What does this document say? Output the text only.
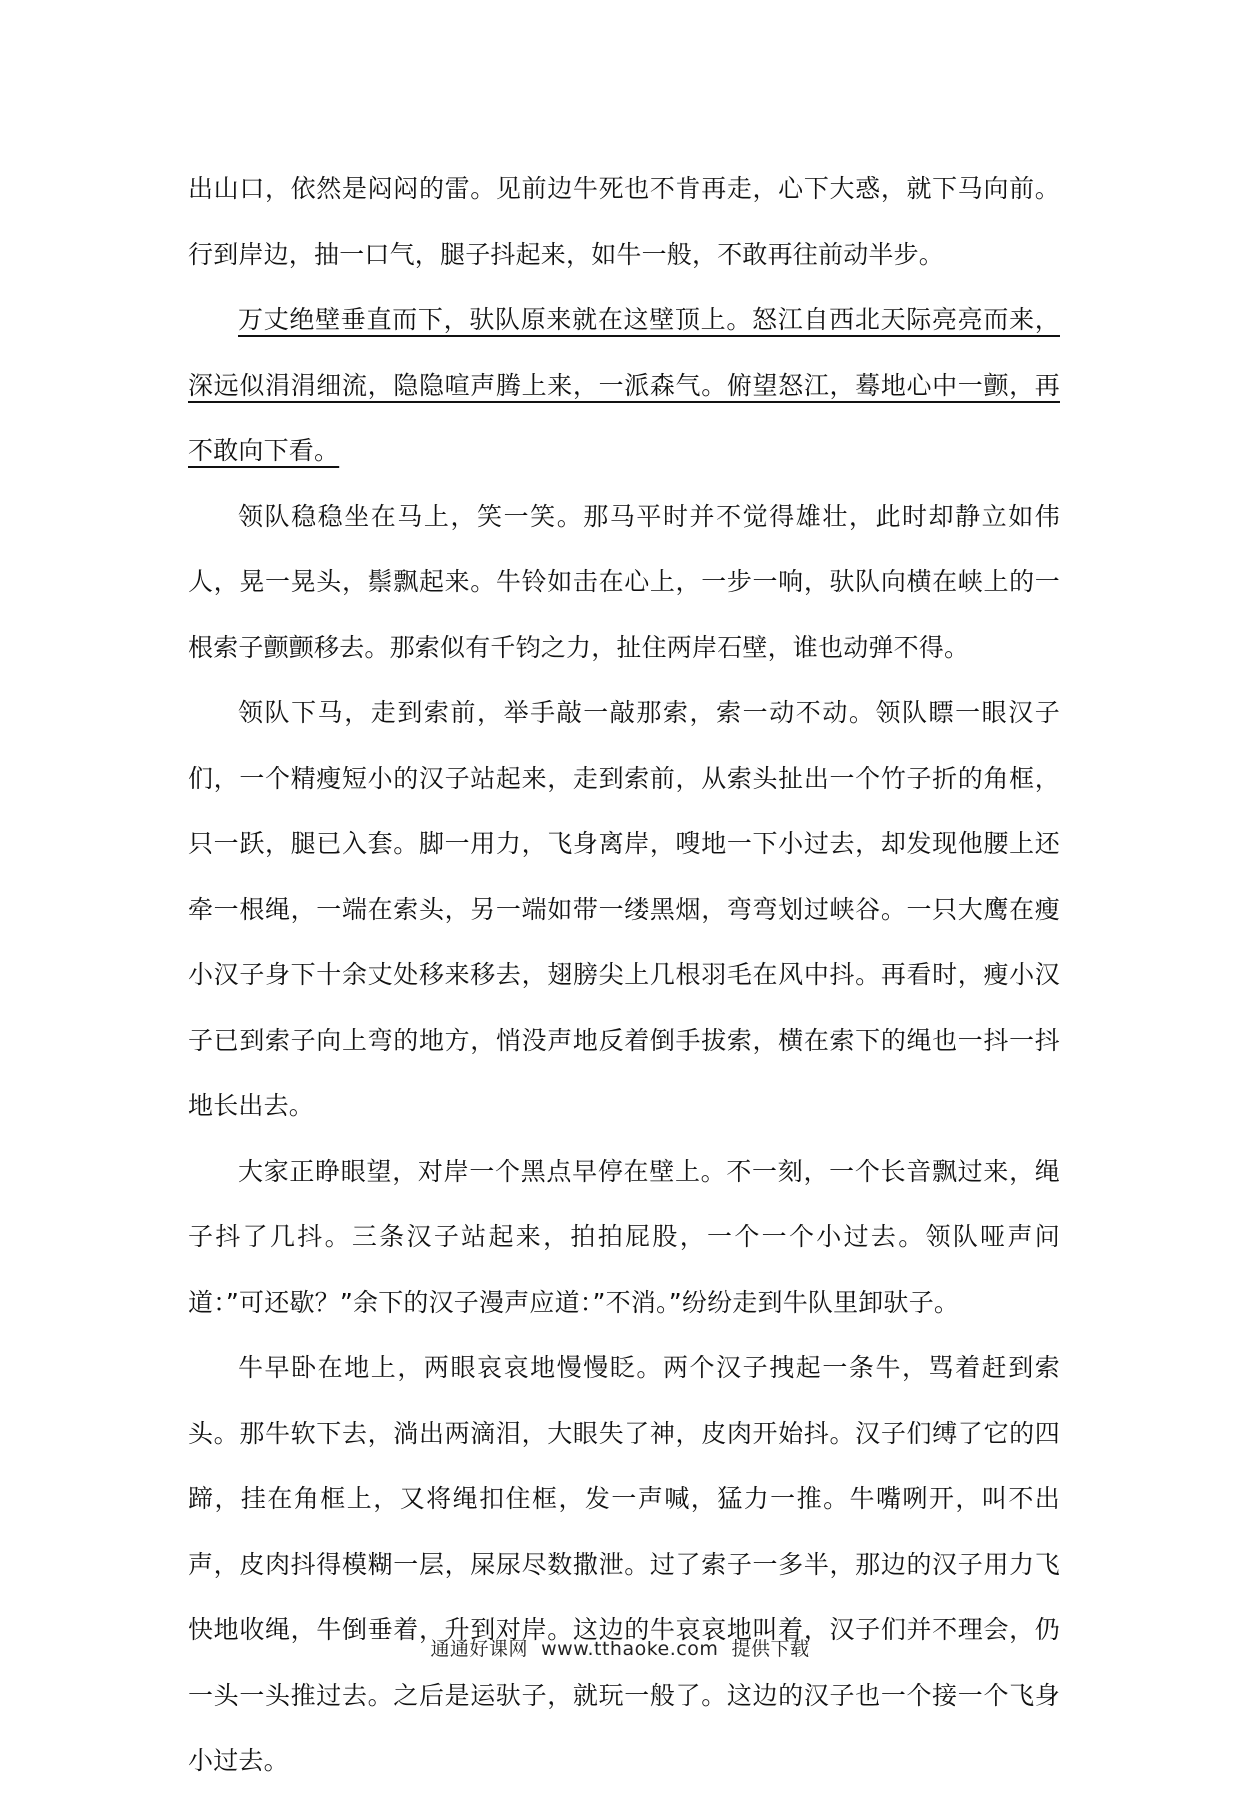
出山口，依然是闷闷的雷。见前边牛死也不肯再走，心下大惑，就下马向前。行到岸边，抽一口气，腿子抖起来，如牛一般，不敢再往前动半步。

万丈绝壁垂直而下，驮队原来就在这壁顶上。怒江自西北天际亮亮而来，深远似涓涓细流，隐隐喧声腾上来，一派森气。俯望怒江，蓦地心中一颤，再不敢向下看。

领队稳稳坐在马上，笑一笑。那马平时并不觉得雄壮，此时却静立如伟人，晃一晃头，鬃飘起来。牛铃如击在心上，一步一响，驮队向横在峡上的一根索子颤颤移去。那索似有千钧之力，扯住两岸石壁，谁也动弹不得。

领队下马，走到索前，举手敲一敲那索，索一动不动。领队瞟一眼汉子们，一个精瘦短小的汉子站起来，走到索前，从索头扯出一个竹子折的角框，只一跃，腿已入套。脚一用力，飞身离岸，嗖地一下小过去，却发现他腰上还牵一根绳，一端在索头，另一端如带一缕黑烟，弯弯划过峡谷。一只大鹰在瘦小汉子身下十余丈处移来移去，翅膀尖上几根羽毛在风中抖。再看时，瘦小汉子已到索子向上弯的地方，悄没声地反着倒手拔索，横在索下的绳也一抖一抖地长出去。

大家正睁眼望，对岸一个黑点早停在壁上。不一刻，一个长音飘过来，绳子抖了几抖。三条汉子站起来，拍拍屁股，一个一个小过去。领队哑声问道：”可还歇？”余下的汉子漫声应道：”不消。”纷纷走到牛队里卸驮子。

牛早卧在地上，两眼哀哀地慢慢眨。两个汉子拽起一条牛，骂着赶到索头。那牛软下去，淌出两滴泪，大眼失了神，皮肉开始抖。汉子们缚了它的四蹄，挂在角框上，又将绳扣住框，发一声喊，猛力一推。牛嘴咧开，叫不出声，皮肉抖得模糊一层，屎尿尽数撒泄。过了索子一多半，那边的汉子用力飞快地收绳，牛倒垂着，升到对岸。这边的牛哀哀地叫着，汉子们并不理会，仍一头一头推过去。之后是运驮子，就玩一般了。这边的汉子也一个接一个飞身小过去。

通通好课网 www.tthaoke.com 提供下载
